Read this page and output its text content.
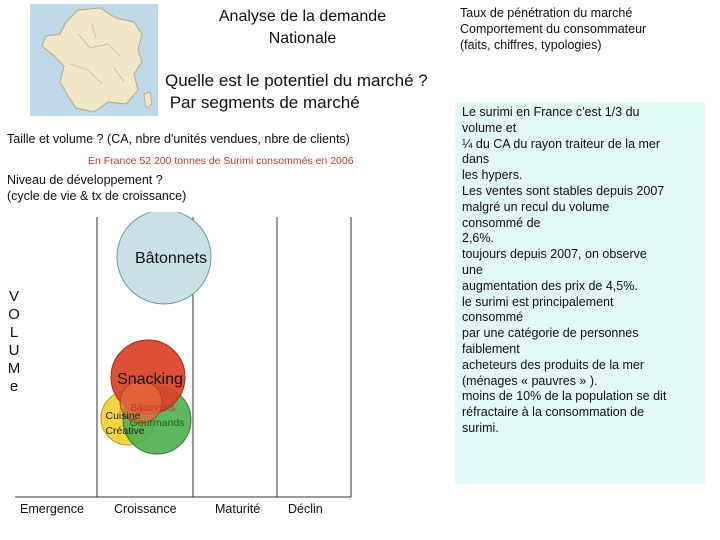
Analyse de la demande
Nationale
Quelle est le potentiel du marché ?
Par segments de marché
Taille et volume ? (CA, nbre d'unités vendues, nbre de clients)
En France 52 200 tonnes de Surimi consommés en 2006
Niveau de développement ?
(cycle de vie & tx de croissance)
Bâtonnets
Snacking
Bâtonnets
Gourmands
Cuisine
Créative
V
O
L
U
M
e
Emergence Croissance	Maturité Déclin
Taux de pénétration du marché
Comportement du consommateur
(faits, chiffres, typologies)
Le surimi en France c'est 1/3 du
volume et
¼ du CA du rayon traiteur de la mer
dans
les hypers.
Les ventes sont stables depuis 2007
malgré un recul du volume
consommé de
2,6%.
toujours depuis 2007, on observe
une
augmentation des prix de 4,5%.
le surimi est principalement
consommé
par une catégorie de personnes
faiblement
acheteurs des produits de la mer
(ménages « pauvres » ).
moins de 10% de la population se dit
réfractaire à la consommation de
surimi.
